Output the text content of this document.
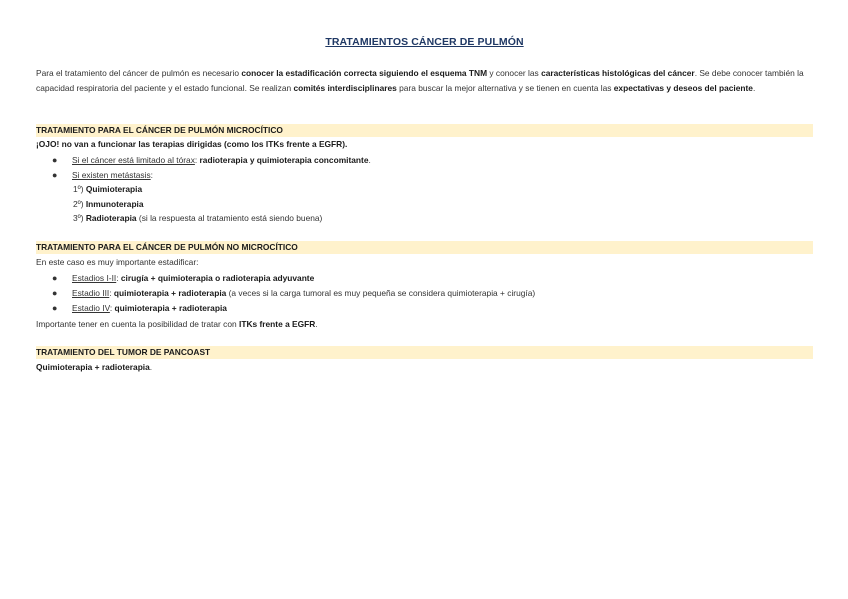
TRATAMIENTOS CÁNCER DE PULMÓN
Para el tratamiento del cáncer de pulmón es necesario conocer la estadificación correcta siguiendo el esquema TNM y conocer las características histológicas del cáncer. Se debe conocer también la capacidad respiratoria del paciente y el estado funcional. Se realizan comités interdisciplinares para buscar la mejor alternativa y se tienen en cuenta las expectativas y deseos del paciente.
TRATAMIENTO PARA EL CÁNCER DE PULMÓN MICROCÍTICO
¡OJO! no van a funcionar las terapias dirigidas (como los ITKs frente a EGFR).
● Si el cáncer está limitado al tórax: radioterapia y quimioterapia concomitante.
● Si existen metástasis:
1º) Quimioterapia
2º) Inmunoterapia
3º) Radioterapia (si la respuesta al tratamiento está siendo buena)
TRATAMIENTO PARA EL CÁNCER DE PULMÓN NO MICROCÍTICO
En este caso es muy importante estadificar:
● Estadios I-II: cirugía + quimioterapia o radioterapia adyuvante
● Estadio III: quimioterapia + radioterapia (a veces si la carga tumoral es muy pequeña se considera quimioterapia + cirugía)
● Estadio IV: quimioterapia + radioterapia
Importante tener en cuenta la posibilidad de tratar con ITKs frente a EGFR.
TRATAMIENTO DEL TUMOR DE PANCOAST
Quimioterapia + radioterapia.
